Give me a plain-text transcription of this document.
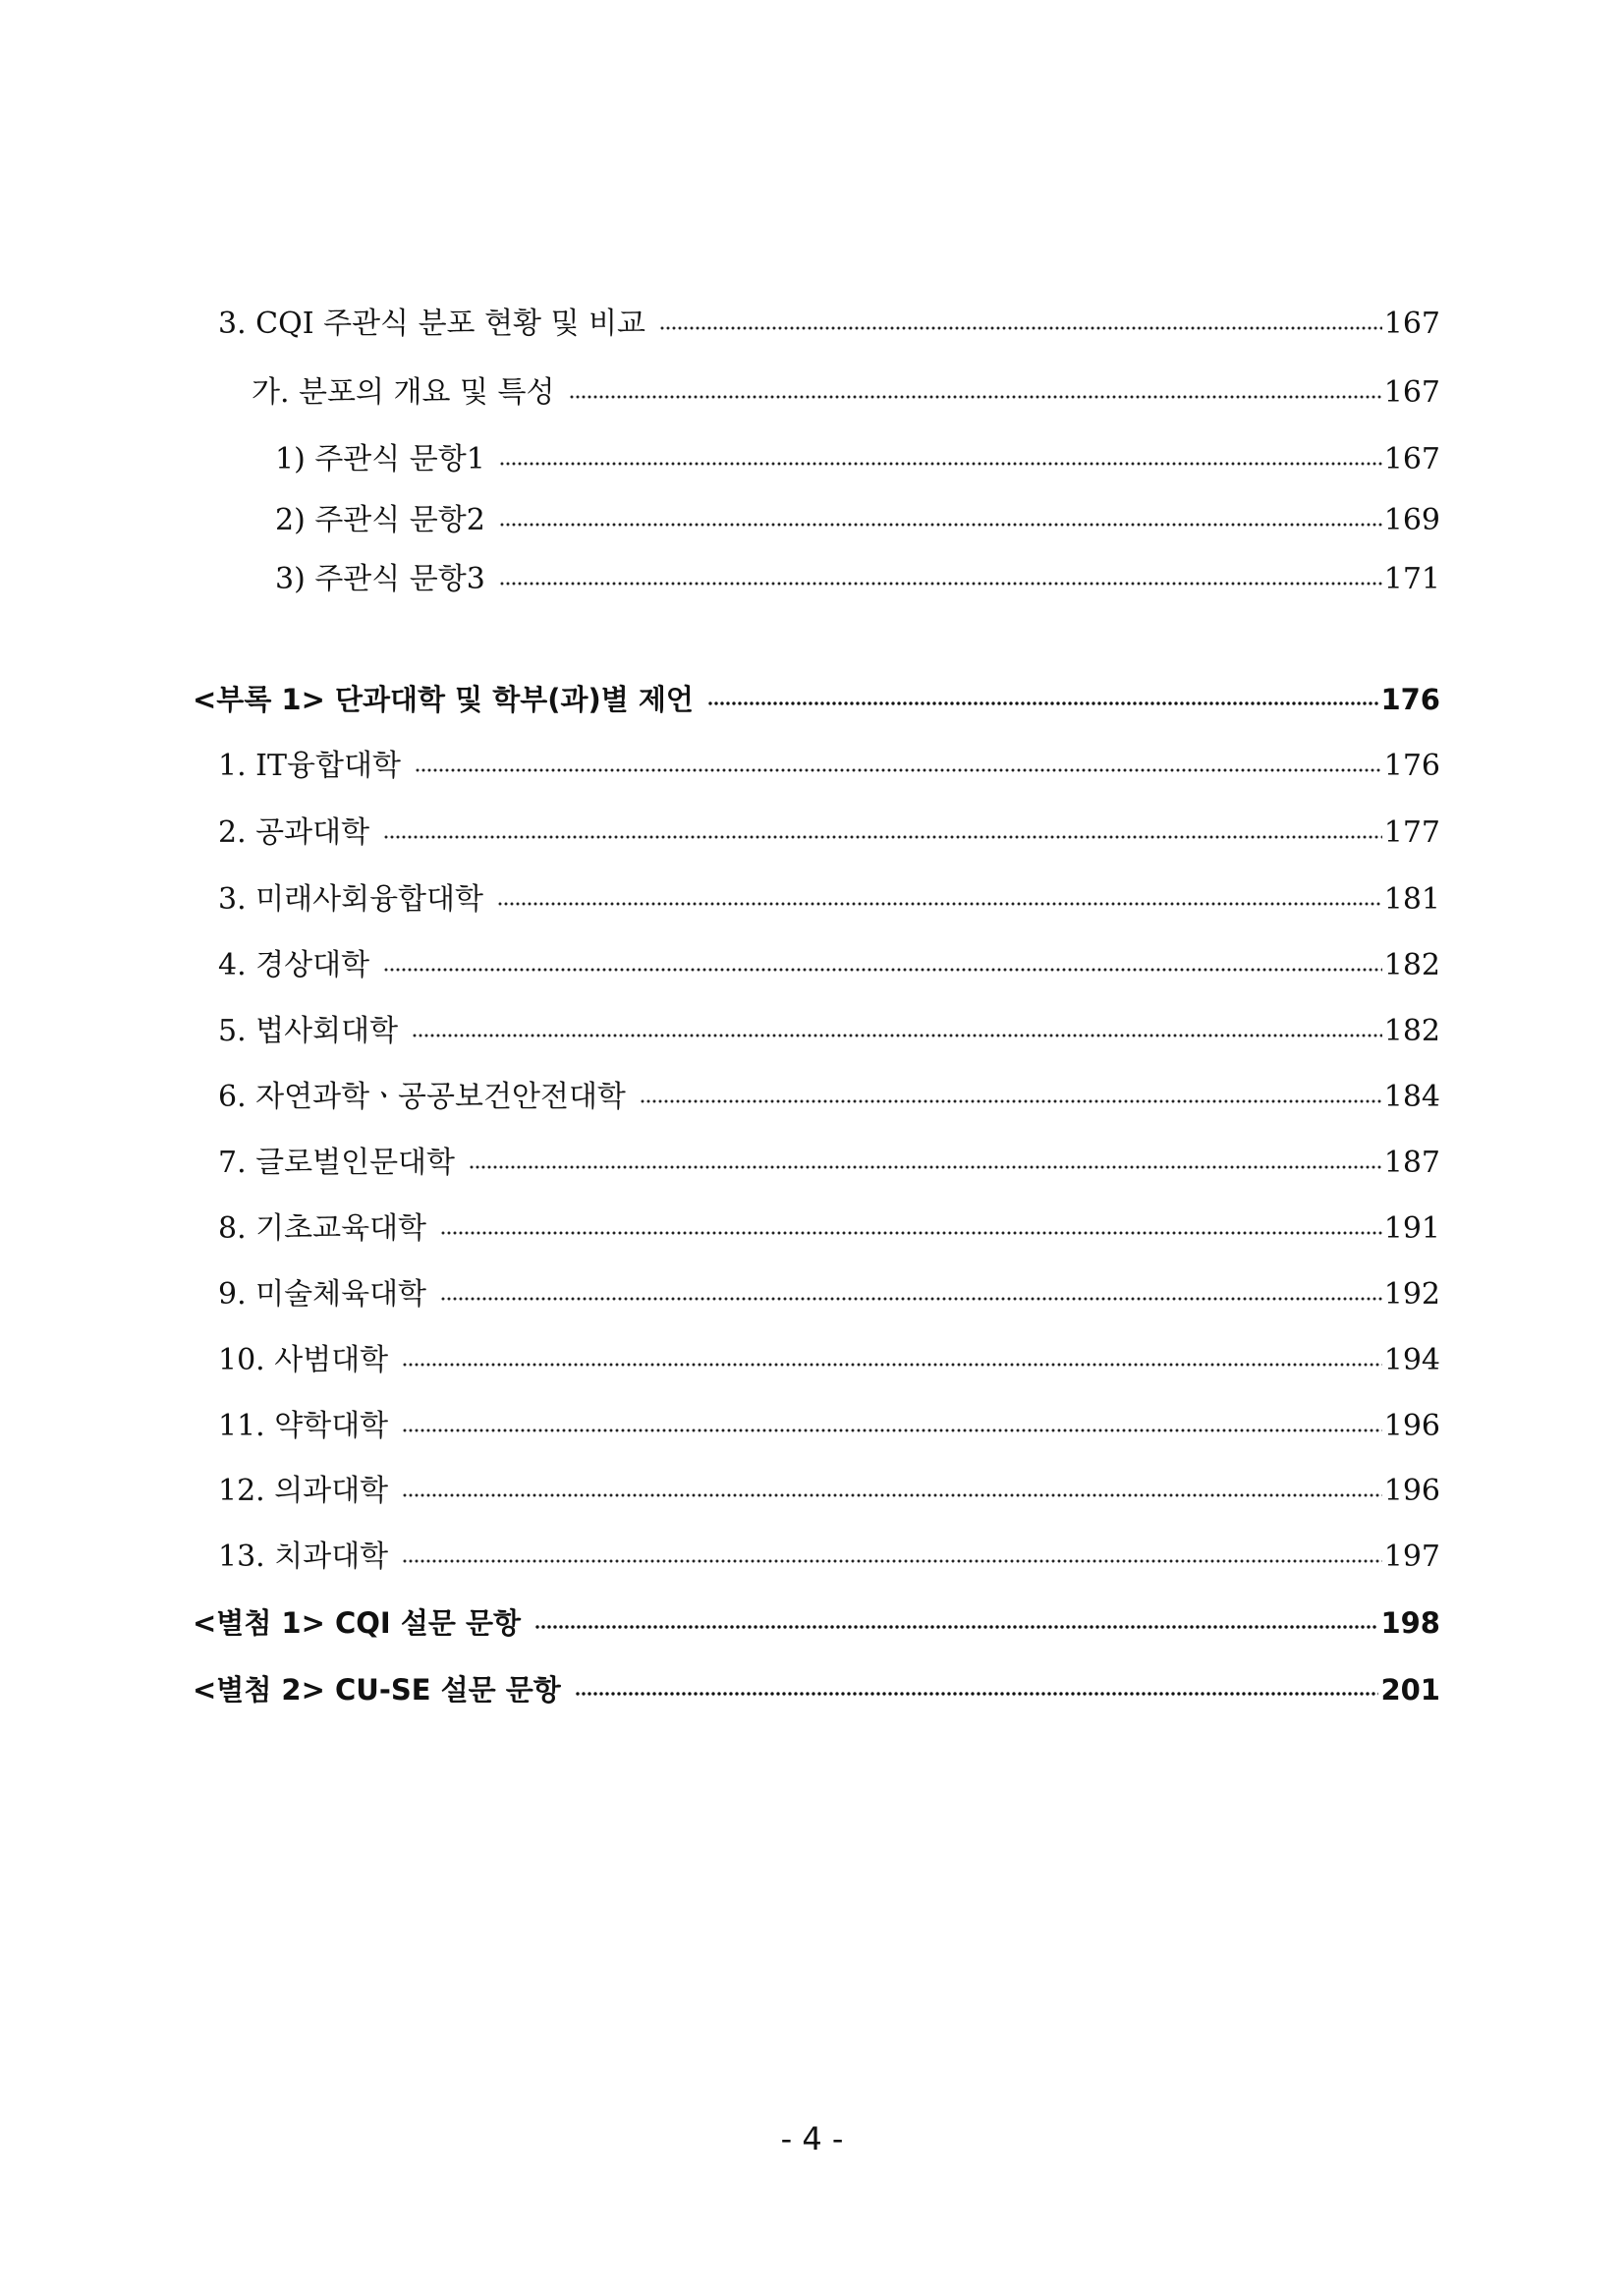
3. CQI 주관식 분포 현황 및 비교	167
가. 분포의 개요 및 특성	167
1) 주관식 문항1	167
2) 주관식 문항2	169
3) 주관식 문항3	171
<부록 1> 단과대학 및 학부(과)별 제언	176
1. IT융합대학	176
2. 공과대학	177
3. 미래사회융합대학	181
4. 경상대학	182
5. 법사회대학	182
6. 자연과학ㆍ공공보건안전대학	184
7. 글로벌인문대학	187
8. 기초교육대학	191
9. 미술체육대학	192
10. 사범대학	194
11. 약학대학	196
12. 의과대학	196
13. 치과대학	197
<별첨 1> CQI 설문 문항	198
<별첨 2> CU-SE 설문 문항	201
- 4 -
